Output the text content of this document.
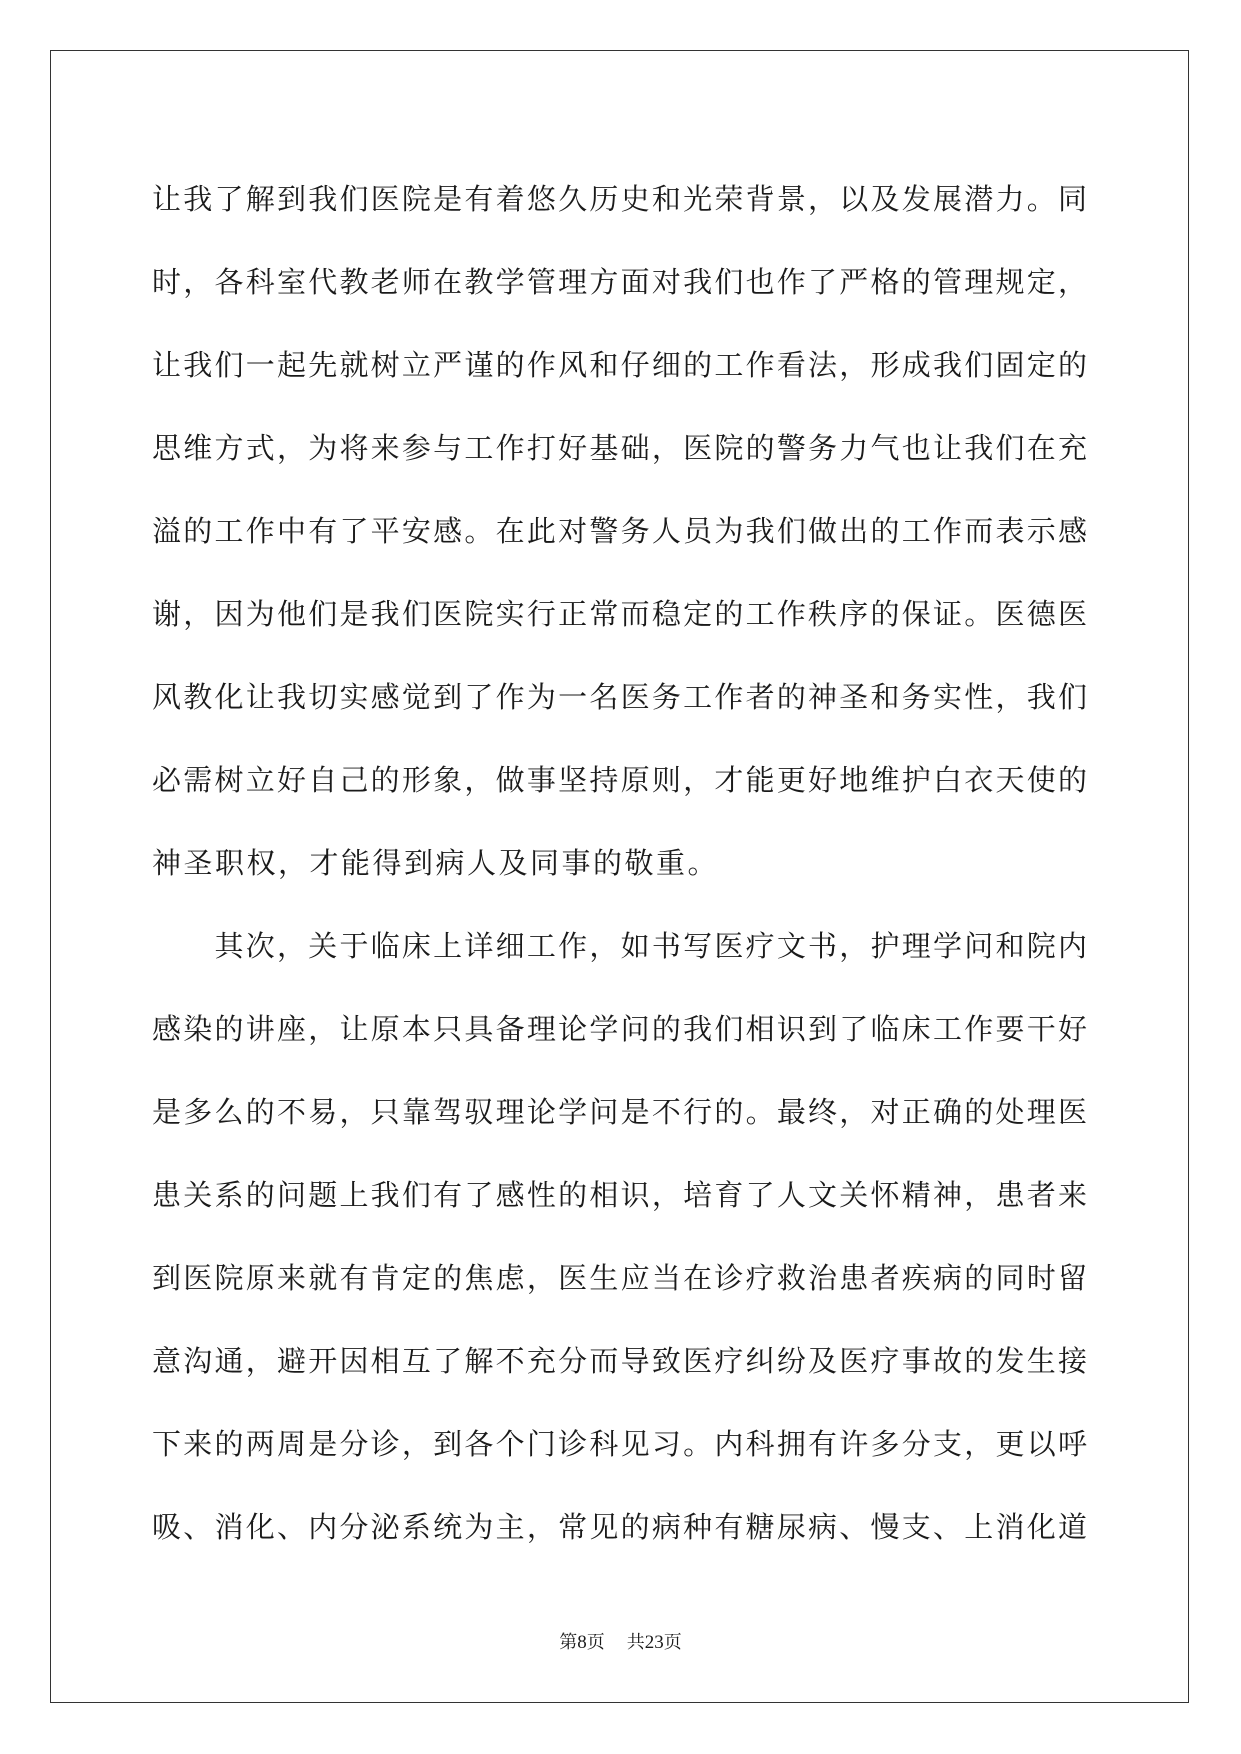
让我了解到我们医院是有着悠久历史和光荣背景，以及发展潜力。同
时，各科室代教老师在教学管理方面对我们也作了严格的管理规定，
让我们一起先就树立严谨的作风和仔细的工作看法，形成我们固定的
思维方式，为将来参与工作打好基础，医院的警务力气也让我们在充
溢的工作中有了平安感。在此对警务人员为我们做出的工作而表示感
谢，因为他们是我们医院实行正常而稳定的工作秩序的保证。医德医
风教化让我切实感觉到了作为一名医务工作者的神圣和务实性，我们
必需树立好自己的形象，做事坚持原则，才能更好地维护白衣天使的
神圣职权，才能得到病人及同事的敬重。
　　其次，关于临床上详细工作，如书写医疗文书，护理学问和院内
感染的讲座，让原本只具备理论学问的我们相识到了临床工作要干好
是多么的不易，只靠驾驭理论学问是不行的。最终，对正确的处理医
患关系的问题上我们有了感性的相识，培育了人文关怀精神，患者来
到医院原来就有肯定的焦虑，医生应当在诊疗救治患者疾病的同时留
意沟通，避开因相互了解不充分而导致医疗纠纷及医疗事故的发生接
下来的两周是分诊，到各个门诊科见习。内科拥有许多分支，更以呼
吸、消化、内分泌系统为主，常见的病种有糖尿病、慢支、上消化道
第8页 共23页
